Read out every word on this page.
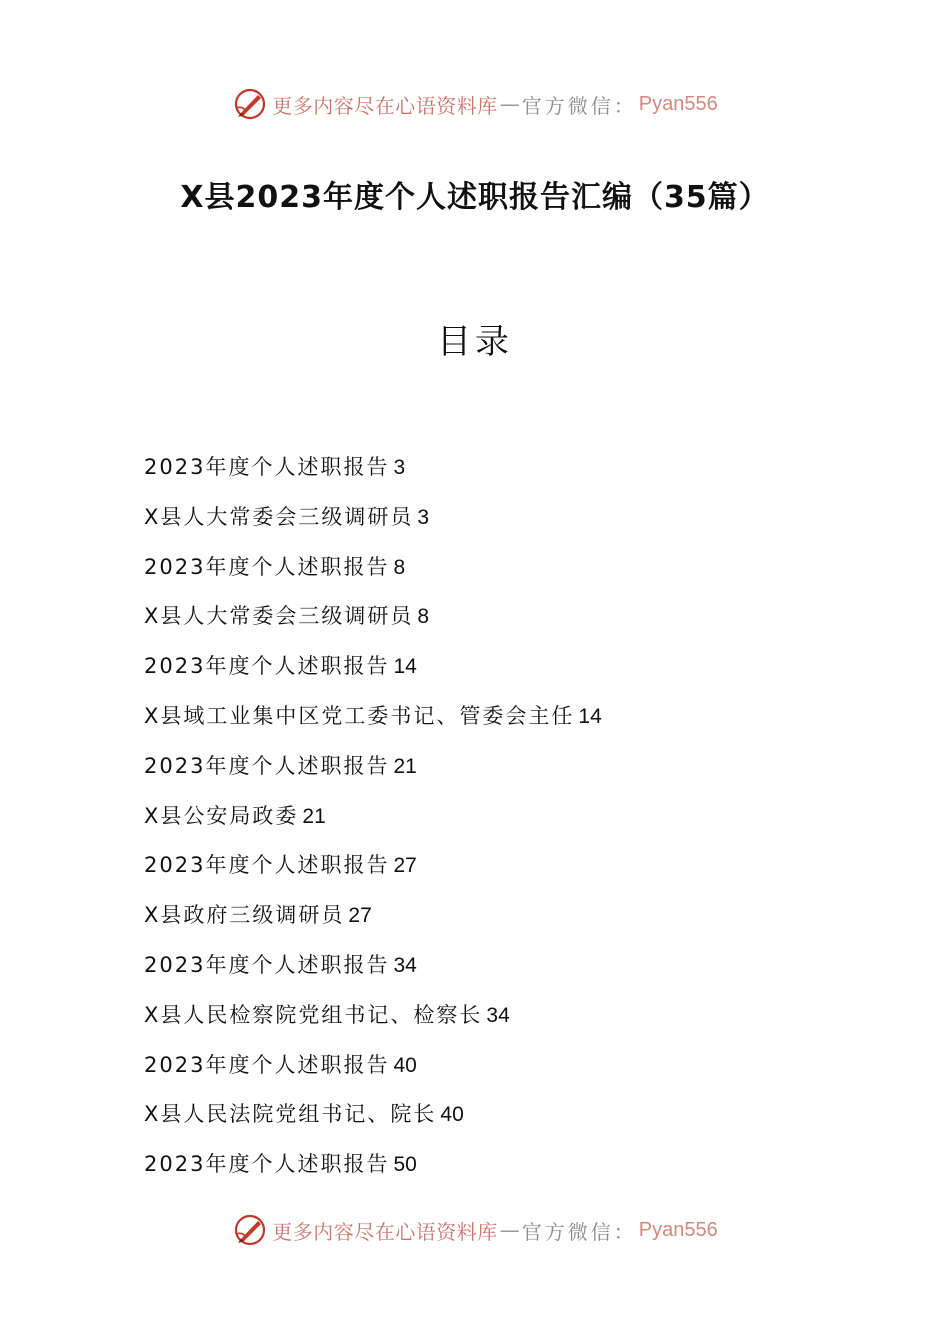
更多内容尽在心语资料库 — 官方微信： Pyan556
X县2023年度个人述职报告汇编（35篇）
目录
2023年度个人述职报告 3
X县人大常委会三级调研员 3
2023年度个人述职报告 8
X县人大常委会三级调研员 8
2023年度个人述职报告 14
X县域工业集中区党工委书记、管委会主任 14
2023年度个人述职报告 21
X县公安局政委 21
2023年度个人述职报告 27
X县政府三级调研员 27
2023年度个人述职报告 34
X县人民检察院党组书记、检察长 34
2023年度个人述职报告 40
X县人民法院党组书记、院长 40
2023年度个人述职报告 50
更多内容尽在心语资料库 — 官方微信： Pyan556
